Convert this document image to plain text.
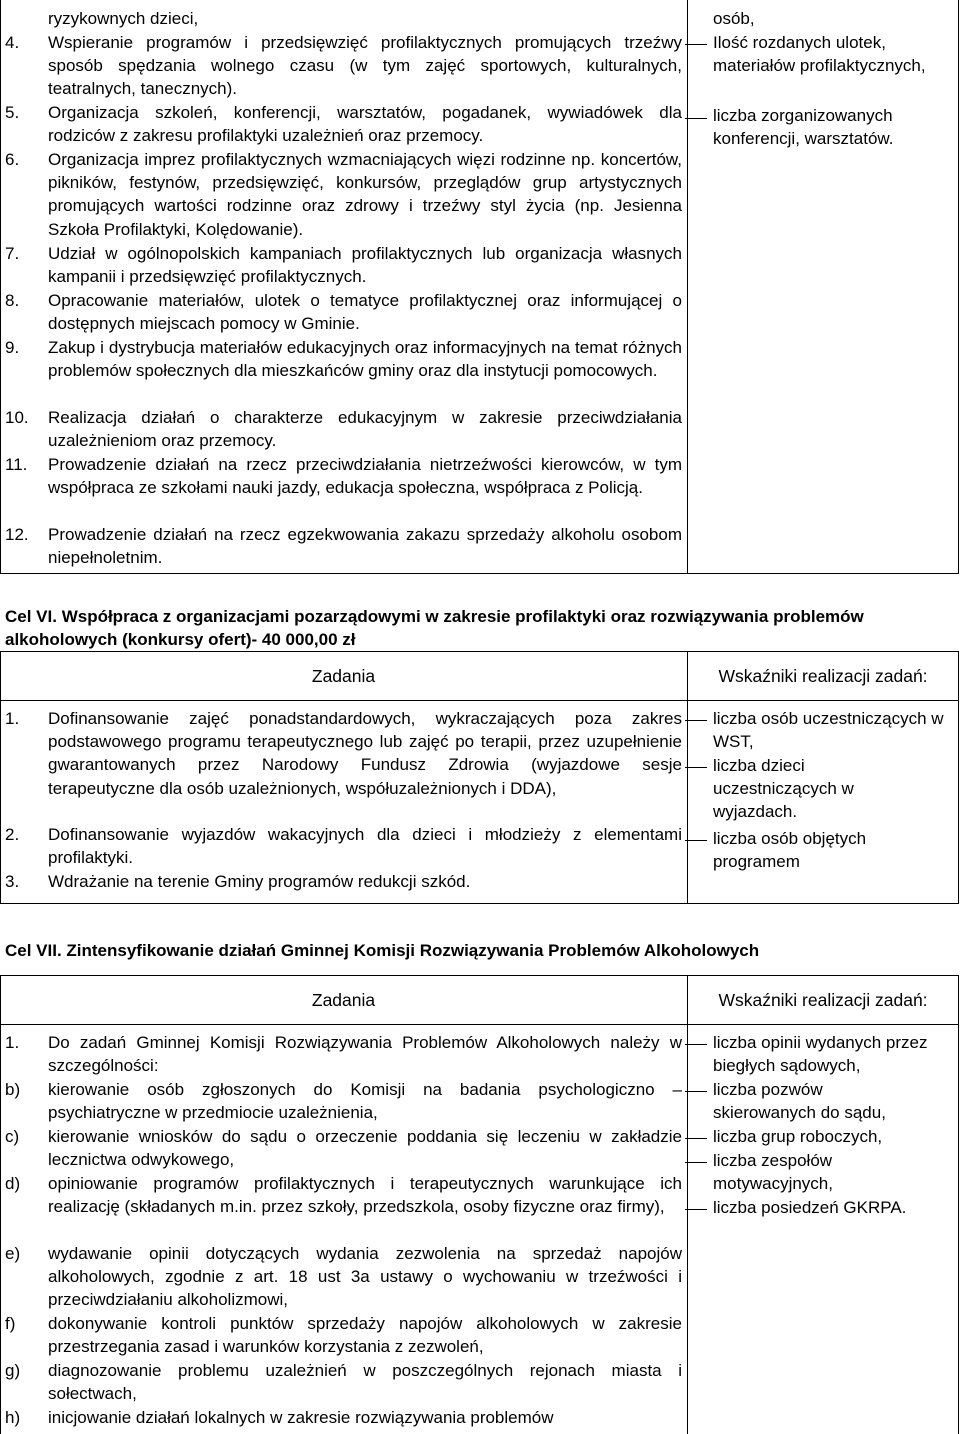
ryzykownych dzieci,
4. Wspieranie programów i przedsięwzięć profilaktycznych promujących trzeźwy sposób spędzania wolnego czasu (w tym zajęć sportowych, kulturalnych, teatralnych, tanecznych).
5. Organizacja szkoleń, konferencji, warsztatów, pogadanek, wywiadówek dla rodziców z zakresu profilaktyki uzależnień oraz przemocy.
6. Organizacja imprez profilaktycznych wzmacniających więzi rodzinne np. koncertów, pikników, festynów, przedsięwzięć, konkursów, przeglądów grup artystycznych promujących wartości rodzinne oraz zdrowy i trzeźwy styl życia (np. Jesienna Szkoła Profilaktyki, Kolędowanie).
7. Udział w ogólnopolskich kampaniach profilaktycznych lub organizacja własnych kampanii i przedsięwzięć profilaktycznych.
8. Opracowanie materiałów, ulotek o tematyce profilaktycznej oraz informującej o dostępnych miejscach pomocy w Gminie.
9. Zakup i dystrybucja materiałów edukacyjnych oraz informacyjnych na temat różnych problemów społecznych dla mieszkańców gminy oraz dla instytucji pomocowych.
10. Realizacja działań o charakterze edukacyjnym w zakresie przeciwdziałania uzależnieniom oraz przemocy.
11. Prowadzenie działań na rzecz przeciwdziałania nietrzeźwości kierowców, w tym współpraca ze szkołami nauki jazdy, edukacja społeczna, współpraca z Policją.
12. Prowadzenie działań na rzecz egzekwowania zakazu sprzedaży alkoholu osobom niepełnoletnim.
osób,
Ilość rozdanych ulotek, materiałów profilaktycznych,
liczba zorganizowanych konferencji, warsztatów.
Cel VI. Współpraca z organizacjami pozarządowymi w zakresie profilaktyki oraz rozwiązywania problemów alkoholowych (konkursy ofert)- 40 000,00 zł
Zadania	Wskaźniki realizacji zadań:
1. Dofinansowanie zajęć ponadstandardowych, wykraczających poza zakres podstawowego programu terapeutycznego lub zajęć po terapii, przez uzupełnienie gwarantowanych przez Narodowy Fundusz Zdrowia (wyjazdowe sesje terapeutyczne dla osób uzależnionych, współuzależnionych i DDA),
2. Dofinansowanie wyjazdów wakacyjnych dla dzieci i młodzieży z elementami profilaktyki.
3. Wdrażanie na terenie Gminy programów redukcji szkód.
liczba osób uczestniczących w WST,
liczba dzieci uczestniczących w wyjazdach.
liczba osób objętych programem
Cel VII. Zintensyfikowanie działań Gminnej Komisji Rozwiązywania Problemów Alkoholowych
Zadania	Wskaźniki realizacji zadań:
1. Do zadań Gminnej Komisji Rozwiązywania Problemów Alkoholowych należy w szczególności:
b) kierowanie osób zgłoszonych do Komisji na badania psychologiczno – psychiatryczne w przedmiocie uzależnienia,
c) kierowanie wniosków do sądu o orzeczenie poddania się leczeniu w zakładzie lecznictwa odwykowego,
d) opiniowanie programów profilaktycznych i terapeutycznych warunkujące ich realizację (składanych m.in. przez szkoły, przedszkola, osoby fizyczne oraz firmy),
e) wydawanie opinii dotyczących wydania zezwolenia na sprzedaż napojów alkoholowych, zgodnie z art. 18 ust 3a ustawy o wychowaniu w trzeźwości i przeciwdziałaniu alkoholizmowi,
f) dokonywanie kontroli punktów sprzedaży napojów alkoholowych w zakresie przestrzegania zasad i warunków korzystania z zezwoleń,
g) diagnozowanie problemu uzależnień w poszczególnych rejonach miasta i sołectwach,
h) inicjowanie działań lokalnych w zakresie rozwiązywania problemów
liczba opinii wydanych przez biegłych sądowych,
liczba pozwów skierowanych do sądu,
liczba grup roboczych,
liczba zespołów motywacyjnych,
liczba posiedzeń GKRPA.
